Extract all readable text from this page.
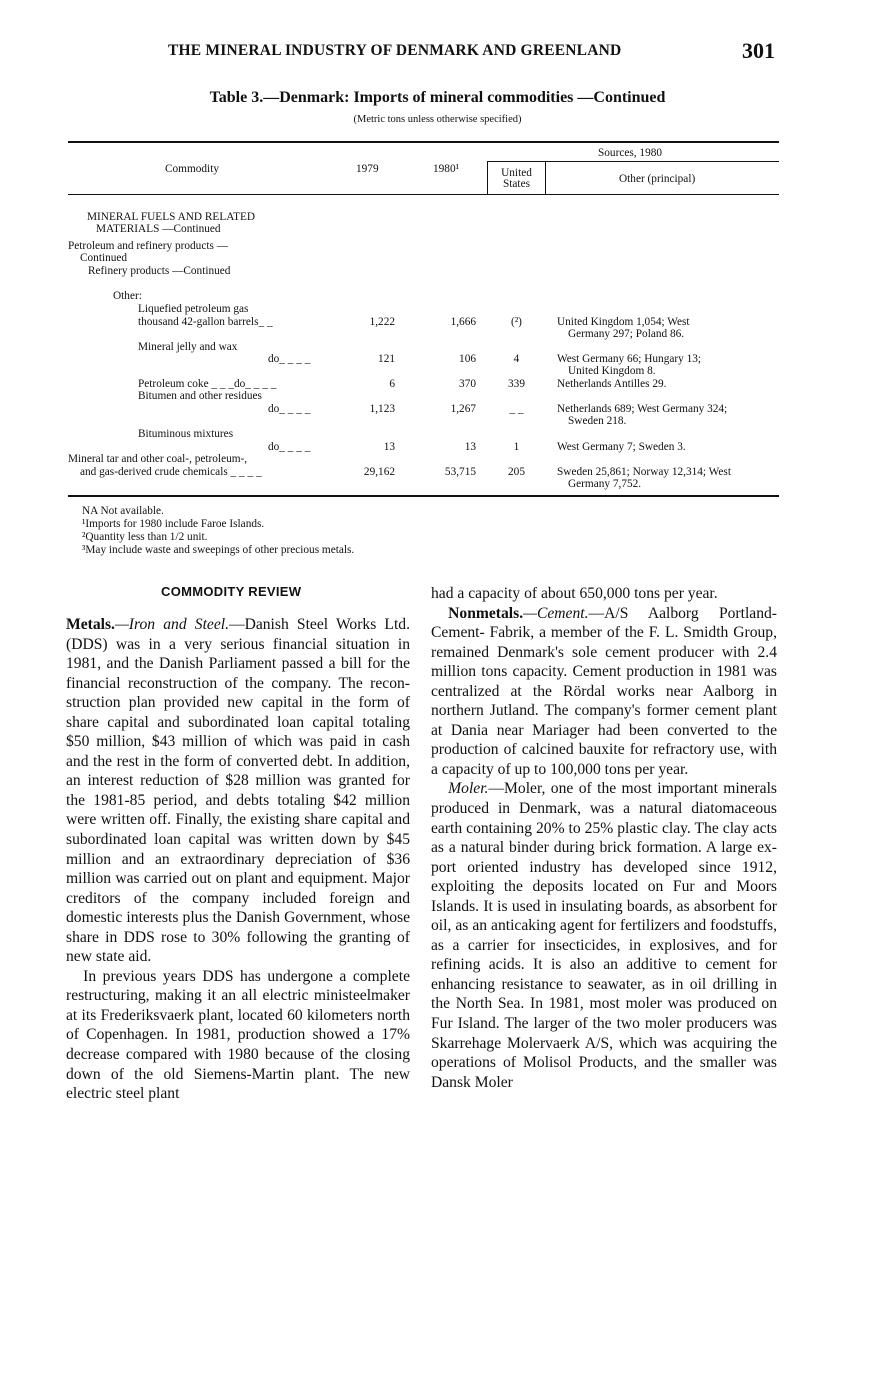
THE MINERAL INDUSTRY OF DENMARK AND GREENLAND	301
Table 3.—Denmark: Imports of mineral commodities —Continued
(Metric tons unless otherwise specified)
Commodity	1979	1980¹
Sources, 1980
United
States	Other (principal)
MINERAL FUELS AND RELATED
MATERIALS —Continued
Petroleum and refinery products —
Continued
Refinery products —Continued
Other:
Liquefied petroleum gas
thousand 42-gallon barrels_ _	1,222	1,666	(²)	United Kingdom 1,054; West
Germany 297; Poland 86.
Mineral jelly and wax
do_ _ _ _	121	106	4	West Germany 66; Hungary 13;
United Kingdom 8.
Petroleum coke _ _ _do_ _ _ _	6	370	339	Netherlands Antilles 29.
Bitumen and other residues
do_ _ _ _	1,123	1,267	_ _	Netherlands 689; West Germany 324;
Sweden 218.
Bituminous mixtures
do_ _ _ _	13	13	1	West Germany 7; Sweden 3.
Mineral tar and other coal-, petroleum-,
and gas-derived crude chemicals _ _ _ _	29,162	53,715	205	Sweden 25,861; Norway 12,314; West
Germany 7,752.
NA Not available.
¹Imports for 1980 include Faroe Islands.
²Quantity less than 1/2 unit.
³May include waste and sweepings of other precious metals.
COMMODITY REVIEW

Metals.—Iron and Steel.—Danish Steel Works Ltd. (DDS) was in a very serious financial situation in 1981, and the Danish Parliament passed a bill for the financial reconstruction of the company. The reconstruction plan provided new capital in the form of share capital and subordinated loan capital totaling $50 million, $43 million of which was paid in cash and the rest in the form of converted debt. In addition, an interest reduction of $28 million was granted for the 1981-85 period, and debts totaling $42 million were written off. Finally, the existing share capital and subordinated loan capital was written down by $45 million and an extraordinary depreciation of $36 million was carried out on plant and equipment. Major creditors of the company included foreign and domestic interests plus the Danish Government, whose share in DDS rose to 30% following the granting of new state aid.

In previous years DDS has undergone a complete restructuring, making it an all electric ministeelmaker at its Frederiksvaerk plant, located 60 kilometers north of Copenhagen. In 1981, production showed a 17% decrease compared with 1980 because of the closing down of the old Siemens-Martin plant. The new electric steel plant

had a capacity of about 650,000 tons per year.

Nonmetals.—Cement.—A/S Aalborg Portland-Cement- Fabrik, a member of the F. L. Smidth Group, remained Denmark's sole cement producer with 2.4 million tons capacity. Cement production in 1981 was centralized at the Rördal works near Aalborg in northern Jutland. The company's former cement plant at Dania near Mariager had been converted to the production of calcined bauxite for refractory use, with a capacity of up to 100,000 tons per year.

Moler.—Moler, one of the most important minerals produced in Denmark, was a natural diatomaceous earth containing 20% to 25% plastic clay. The clay acts as a natural binder during brick formation. A large export oriented industry has developed since 1912, exploiting the deposits located on Fur and Moors Islands. It is used in insulating boards, as absorbent for oil, as an anticaking agent for fertilizers and foodstuffs, as a carrier for insecticides, in explosives, and for refining acids. It is also an additive to cement for enhancing resistance to seawater, as in oil drilling in the North Sea. In 1981, most moler was produced on Fur Island. The larger of the two moler producers was Skarrehage Molervaerk A/S, which was acquiring the operations of Molisol Products, and the smaller was Dansk Moler
